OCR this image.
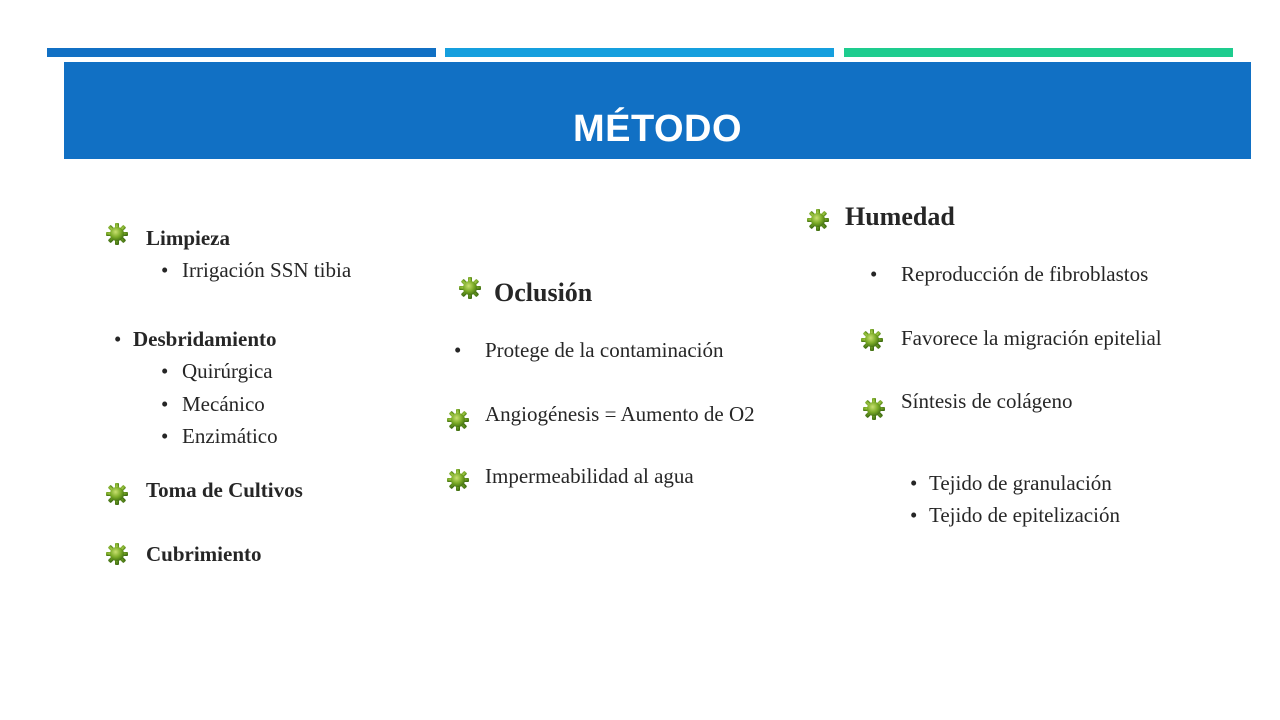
MÉTODO
Limpieza
• Irrigación SSN tibia
• Desbridamiento
• Quirúrgica
• Mecánico
• Enzimático
Toma de Cultivos
Cubrimiento
Oclusión
• Protege de la contaminación
Angiogénesis = Aumento de O2
Impermeabilidad al agua
Humedad
• Reproducción de fibroblastos
Favorece la migración epitelial
Síntesis de colágeno
• Tejido de granulación
• Tejido de epitelización
